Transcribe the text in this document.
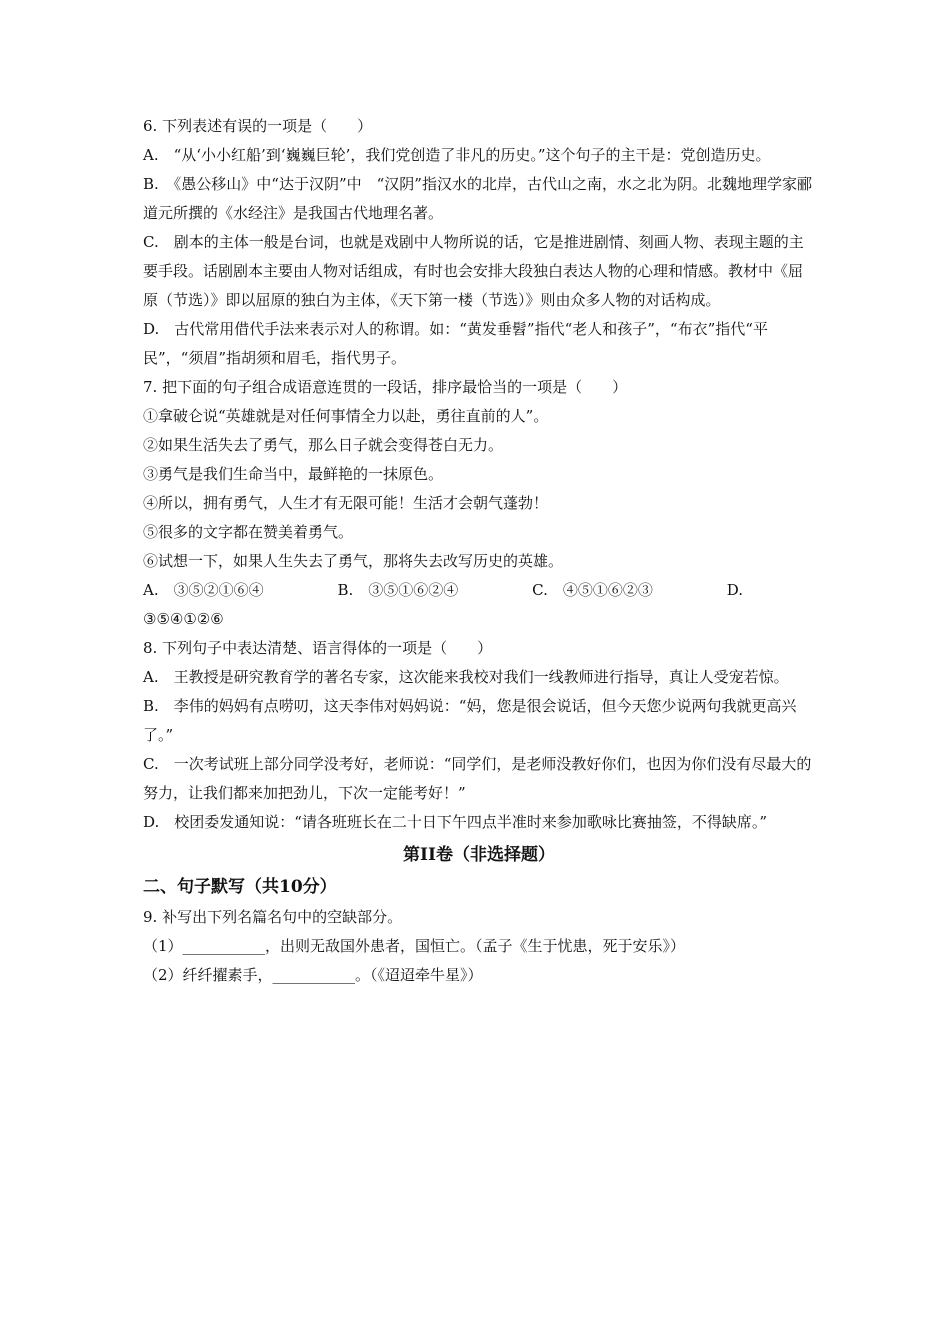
6. 下列表述有误的一项是（　　）
A.　“从‘小小红船’到‘巍巍巨轮’，我们党创造了非凡的历史。”这个句子的主干是：党创造历史。
B.　《愚公移山》中“达于汉阴”中　“汉阴”指汉水的北岸，古代山之南，水之北为阴。北魏地理学家郦道元所撰的《水经注》是我国古代地理名著。
C.　剧本的主体一般是台词，也就是戏剧中人物所说的话，它是推进剧情、刻画人物、表现主题的主要手段。话剧剧本主要由人物对话组成，有时也会安排大段独白表达人物的心理和情感。教材中《屈原（节选）》即以屈原的独白为主体，《天下第一楼（节选）》则由众多人物的对话构成。
D.　古代常用借代手法来表示对人的称谓。如：“黄发垂髫”指代“老人和孩子”，“布衣”指代“平民”，“须眉”指胡须和眉毛，指代男子。
7. 把下面的句子组合成语意连贯的一段话，排序最恰当的一项是（　　）
①拿破仑说“英雄就是对任何事情全力以赴，勇往直前的人”。
②如果生活失去了勇气，那么日子就会变得苍白无力。
③勇气是我们生命当中，最鲜艳的一抹原色。
④所以，拥有勇气，人生才有无限可能！生活才会朝气蓬勃！
⑤很多的文字都在赞美着勇气。
⑥试想一下，如果人生失去了勇气，那将失去改写历史的英雄。
A.　③⑤②①⑥④	B.　③⑤①⑥②④	C.　④⑤①⑥②③	D.
③⑤④①②⑥
8. 下列句子中表达清楚、语言得体的一项是（　　）
A.　王教授是研究教育学的著名专家，这次能来我校对我们一线教师进行指导，真让人受宠若惊。
B.　李伟的妈妈有点唠叨，这天李伟对妈妈说：“妈，您是很会说话，但今天您少说两句我就更高兴了。”
C.　一次考试班上部分同学没考好，老师说：“同学们，是老师没教好你们，也因为你们没有尽最大的努力，让我们都来加把劲儿，下次一定能考好！”
D.　校团委发通知说：“请各班班长在二十日下午四点半准时来参加歌咏比赛抽签，不得缺席。”
第II卷（非选择题）
二、句子默写（共10分）
9. 补写出下列名篇名句中的空缺部分。
（1）___________，出则无敌国外患者，国恒亡。（孟子《生于忧患，死于安乐》）
（2）纤纤擢素手，___________。（《迢迢牵牛星》）
